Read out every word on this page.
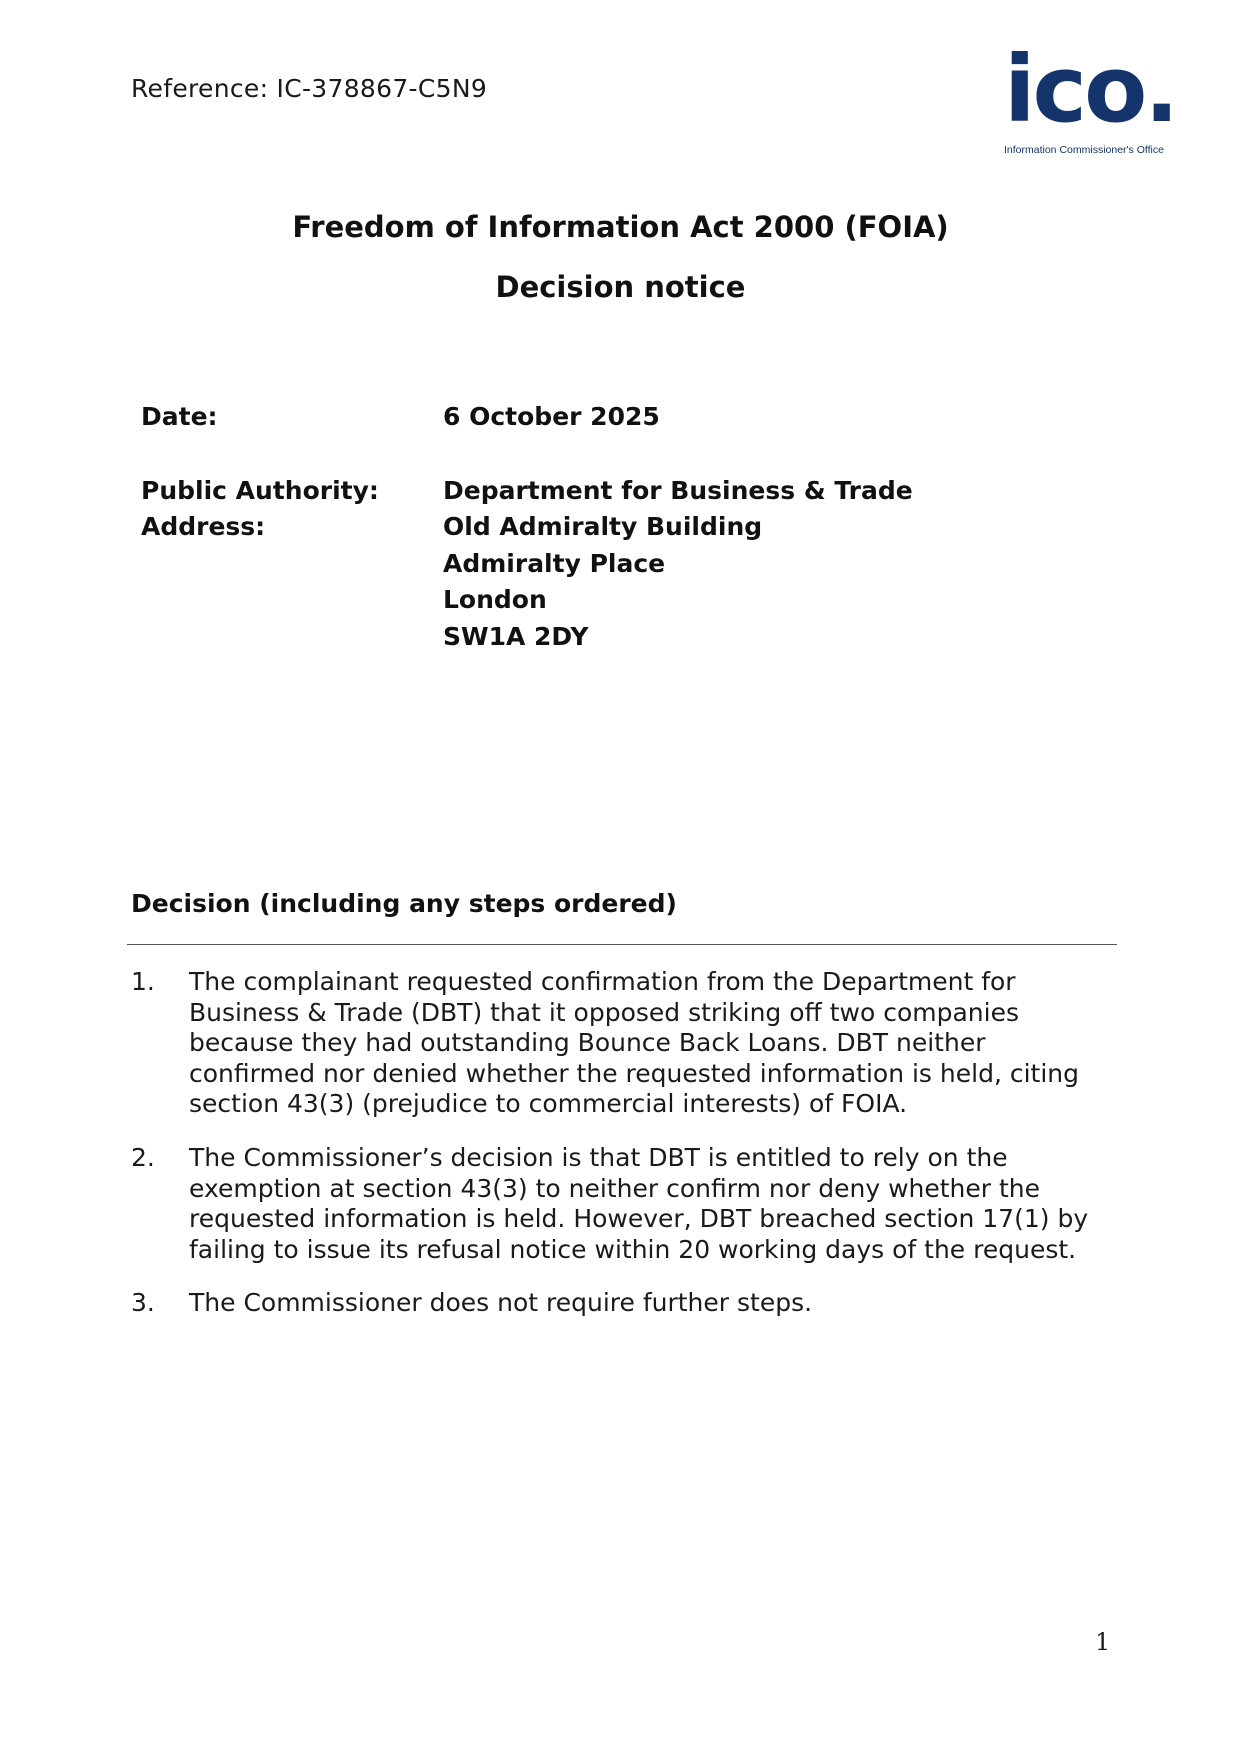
Reference: IC-378867-C5N9	ico.
Information Commissioner's Office
Freedom of Information Act 2000 (FOIA)
Decision notice
Date:	6 October 2025
Public Authority:	Department for Business & Trade
Address:	Old Admiralty Building
Admiralty Place
London
SW1A 2DY
Decision (including any steps ordered)
1. The complainant requested confirmation from the Department for
Business & Trade (DBT) that it opposed striking off two companies
because they had outstanding Bounce Back Loans. DBT neither
confirmed nor denied whether the requested information is held, citing
section 43(3) (prejudice to commercial interests) of FOIA.
2. The Commissioner’s decision is that DBT is entitled to rely on the
exemption at section 43(3) to neither confirm nor deny whether the
requested information is held. However, DBT breached section 17(1) by
failing to issue its refusal notice within 20 working days of the request.
3. The Commissioner does not require further steps.
1
